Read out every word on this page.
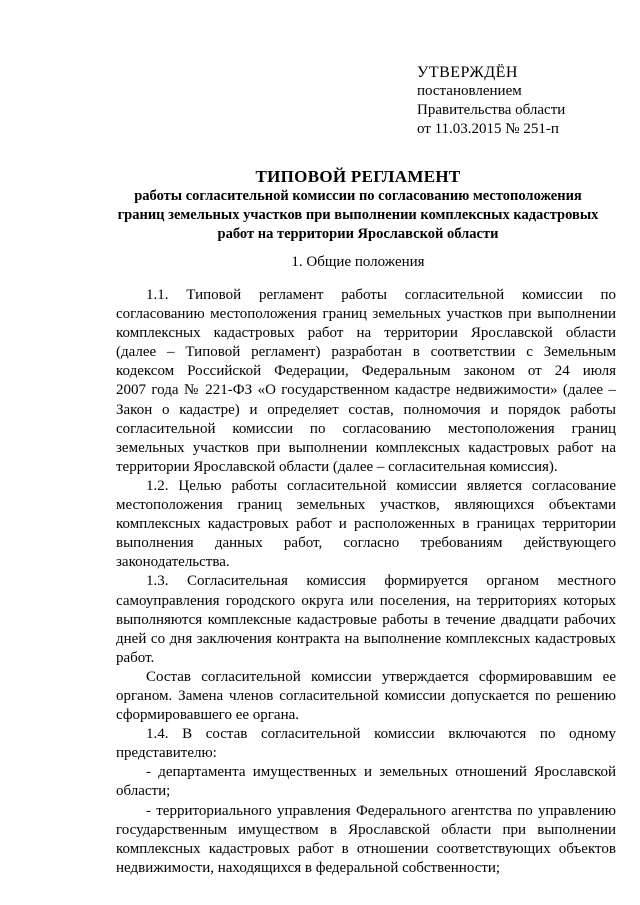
УТВЕРЖДЁН
постановлением
Правительства области
от 11.03.2015 № 251-п
ТИПОВОЙ РЕГЛАМЕНТ
работы согласительной комиссии по согласованию местоположения
границ земельных участков при выполнении комплексных кадастровых
работ на территории Ярославской области
1. Общие положения

1.1. Типовой регламент работы согласительной комиссии по
согласованию местоположения границ земельных участков при выполнении
комплексных кадастровых работ на территории Ярославской области
(далее – Типовой регламент) разработан в соответствии с Земельным
кодексом Российской Федерации, Федеральным законом от 24 июля
2007 года № 221-ФЗ «О государственном кадастре недвижимости» (далее –
Закон о кадастре) и определяет состав, полномочия и порядок работы
согласительной комиссии по согласованию местоположения границ
земельных участков при выполнении комплексных кадастровых работ на
территории Ярославской области (далее – согласительная комиссия).

1.2. Целью работы согласительной комиссии является согласование
местоположения границ земельных участков, являющихся объектами
комплексных кадастровых работ и расположенных в границах территории
выполнения данных работ, согласно требованиям действующего
законодательства.

1.3. Согласительная комиссия формируется органом местного
самоуправления городского округа или поселения, на территориях которых
выполняются комплексные кадастровые работы в течение двадцати рабочих
дней со дня заключения контракта на выполнение комплексных кадастровых
работ.

Состав согласительной комиссии утверждается сформировавшим ее
органом. Замена членов согласительной комиссии допускается по решению
сформировавшего ее органа.

1.4. В состав согласительной комиссии включаются по одному
представителю:

- департамента имущественных и земельных отношений Ярославской
области;

- территориального управления Федерального агентства по управлению
государственным имуществом в Ярославской области при выполнении
комплексных кадастровых работ в отношении соответствующих объектов
недвижимости, находящихся в федеральной собственности;
